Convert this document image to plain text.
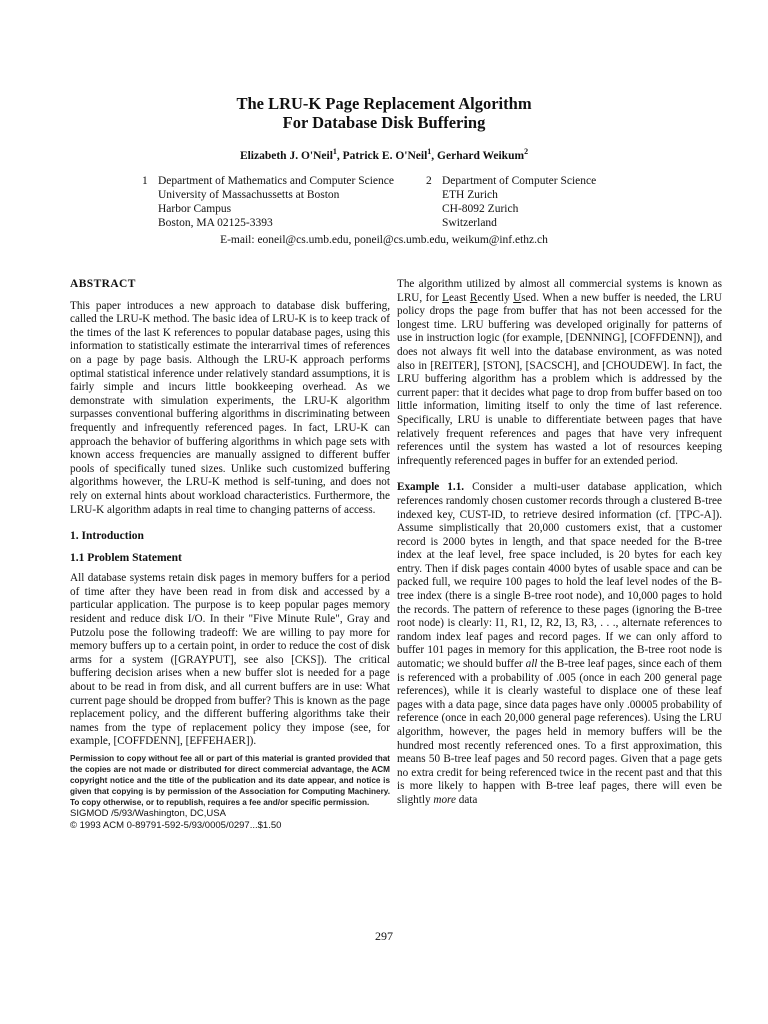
The LRU-K Page Replacement Algorithm
For Database Disk Buffering
Elizabeth J. O'Neil$^1$, Patrick E. O'Neil$^1$, Gerhard Weikum$^2$
1 Department of Mathematics and Computer Science
University of Massachussetts at Boston
Harbor Campus
Boston, MA 02125-3393
2 Department of Computer Science
ETH Zurich
CH-8092 Zurich
Switzerland
E-mail: eoneil@cs.umb.edu, poneil@cs.umb.edu, weikum@inf.ethz.ch

ABSTRACT

This paper introduces a new approach to database disk buffering, called the LRU-K method. The basic idea of LRU-K is to keep track of the times of the last K references to popular database pages, using this information to statistically estimate the interarrival times of references on a page by page basis. Although the LRU-K approach performs optimal statistical inference under relatively standard assumptions, it is fairly simple and incurs little bookkeeping overhead. As we demonstrate with simulation experiments, the LRU-K algorithm surpasses conventional buffering algorithms in discriminating between frequently and infrequently referenced pages. In fact, LRU-K can approach the behavior of buffering algorithms in which page sets with known access frequencies are manually assigned to different buffer pools of specifically tuned sizes. Unlike such customized buffering algorithms however, the LRU-K method is self-tuning, and does not rely on external hints about workload characteristics. Furthermore, the LRU-K algorithm adapts in real time to changing patterns of access.

1. Introduction

1.1 Problem Statement

All database systems retain disk pages in memory buffers for a period of time after they have been read in from disk and accessed by a particular application. The purpose is to keep popular pages memory resident and reduce disk I/O. In their "Five Minute Rule", Gray and Putzolu pose the following tradeoff: We are willing to pay more for memory buffers up to a certain point, in order to reduce the cost of disk arms for a system ([GRAYPUT], see also [CKS]). The critical buffering decision arises when a new buffer slot is needed for a page about to be read in from disk, and all current buffers are in use: What current page should be dropped from buffer? This is known as the page replacement policy, and the different buffering algorithms take their names from the type of replacement policy they impose (see, for example, [COFFDENN], [EFFEHAER]).

Permission to copy without fee all or part of this material is granted provided that the copies are not made or distributed for direct commercial advantage, the ACM copyright notice and the title of the publication and its date appear, and notice is given that copying is by permission of the Association for Computing Machinery. To copy otherwise, or to republish, requires a fee and/or specific permission.

SIGMOD /5/93/Washington, DC,USA

© 1993 ACM 0-89791-592-5/93/0005/0297...$1.50

The algorithm utilized by almost all commercial systems is known as LRU, for Least Recently Used. When a new buffer is needed, the LRU policy drops the page from buffer that has not been accessed for the longest time. LRU buffering was developed originally for patterns of use in instruction logic (for example, [DENNING], [COFFDENN]), and does not always fit well into the database environment, as was noted also in [REITER], [STON], [SACSCH], and [CHOUDEW]. In fact, the LRU buffering algorithm has a problem which is addressed by the current paper: that it decides what page to drop from buffer based on too little information, limiting itself to only the time of last reference. Specifically, LRU is unable to differentiate between pages that have relatively frequent references and pages that have very infrequent references until the system has wasted a lot of resources keeping infrequently referenced pages in buffer for an extended period.

Example 1.1. Consider a multi-user database application, which references randomly chosen customer records through a clustered B-tree indexed key, CUST-ID, to retrieve desired information (cf. [TPC-A]). Assume simplistically that 20,000 customers exist, that a customer record is 2000 bytes in length, and that space needed for the B-tree index at the leaf level, free space included, is 20 bytes for each key entry. Then if disk pages contain 4000 bytes of usable space and can be packed full, we require 100 pages to hold the leaf level nodes of the B-tree index (there is a single B-tree root node), and 10,000 pages to hold the records. The pattern of reference to these pages (ignoring the B-tree root node) is clearly: I1, R1, I2, R2, I3, R3, . . ., alternate references to random index leaf pages and record pages. If we can only afford to buffer 101 pages in memory for this application, the B-tree root node is automatic; we should buffer all the B-tree leaf pages, since each of them is referenced with a probability of .005 (once in each 200 general page references), while it is clearly wasteful to displace one of these leaf pages with a data page, since data pages have only .00005 probability of reference (once in each 20,000 general page references). Using the LRU algorithm, however, the pages held in memory buffers will be the hundred most recently referenced ones. To a first approximation, this means 50 B-tree leaf pages and 50 record pages. Given that a page gets no extra credit for being referenced twice in the recent past and that this is more likely to happen with B-tree leaf pages, there will even be slightly more data

297
